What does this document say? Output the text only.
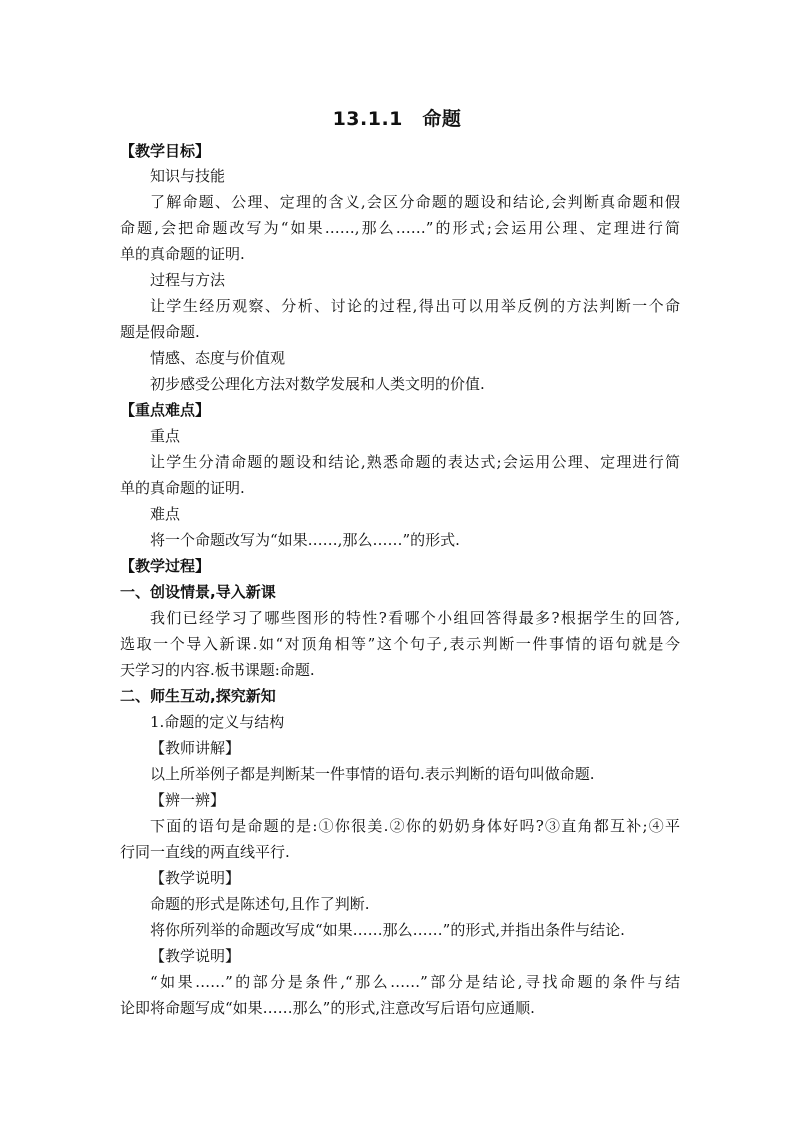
13.1.1　命题
【教学目标】
知识与技能
了解命题、公理、定理的含义,会区分命题的题设和结论,会判断真命题和假
命题,会把命题改写为“如果……,那么……”的形式;会运用公理、定理进行简
单的真命题的证明.
过程与方法
让学生经历观察、分析、讨论的过程,得出可以用举反例的方法判断一个命
题是假命题.
情感、态度与价值观
初步感受公理化方法对数学发展和人类文明的价值.
【重点难点】
重点
让学生分清命题的题设和结论,熟悉命题的表达式;会运用公理、定理进行简
单的真命题的证明.
难点
将一个命题改写为“如果……,那么……”的形式.
【教学过程】
一、创设情景,导入新课
我们已经学习了哪些图形的特性?看哪个小组回答得最多?根据学生的回答,
选取一个导入新课.如“对顶角相等”这个句子,表示判断一件事情的语句就是今
天学习的内容.板书课题:命题.
二、师生互动,探究新知
1.命题的定义与结构
【教师讲解】
以上所举例子都是判断某一件事情的语句.表示判断的语句叫做命题.
【辨一辨】
下面的语句是命题的是:①你很美.②你的奶奶身体好吗?③直角都互补;④平
行同一直线的两直线平行.
【教学说明】
命题的形式是陈述句,且作了判断.
将你所列举的命题改写成“如果……那么……”的形式,并指出条件与结论.
【教学说明】
“如果……”的部分是条件,“那么……”部分是结论,寻找命题的条件与结
论即将命题写成“如果……那么”的形式,注意改写后语句应通顺.
